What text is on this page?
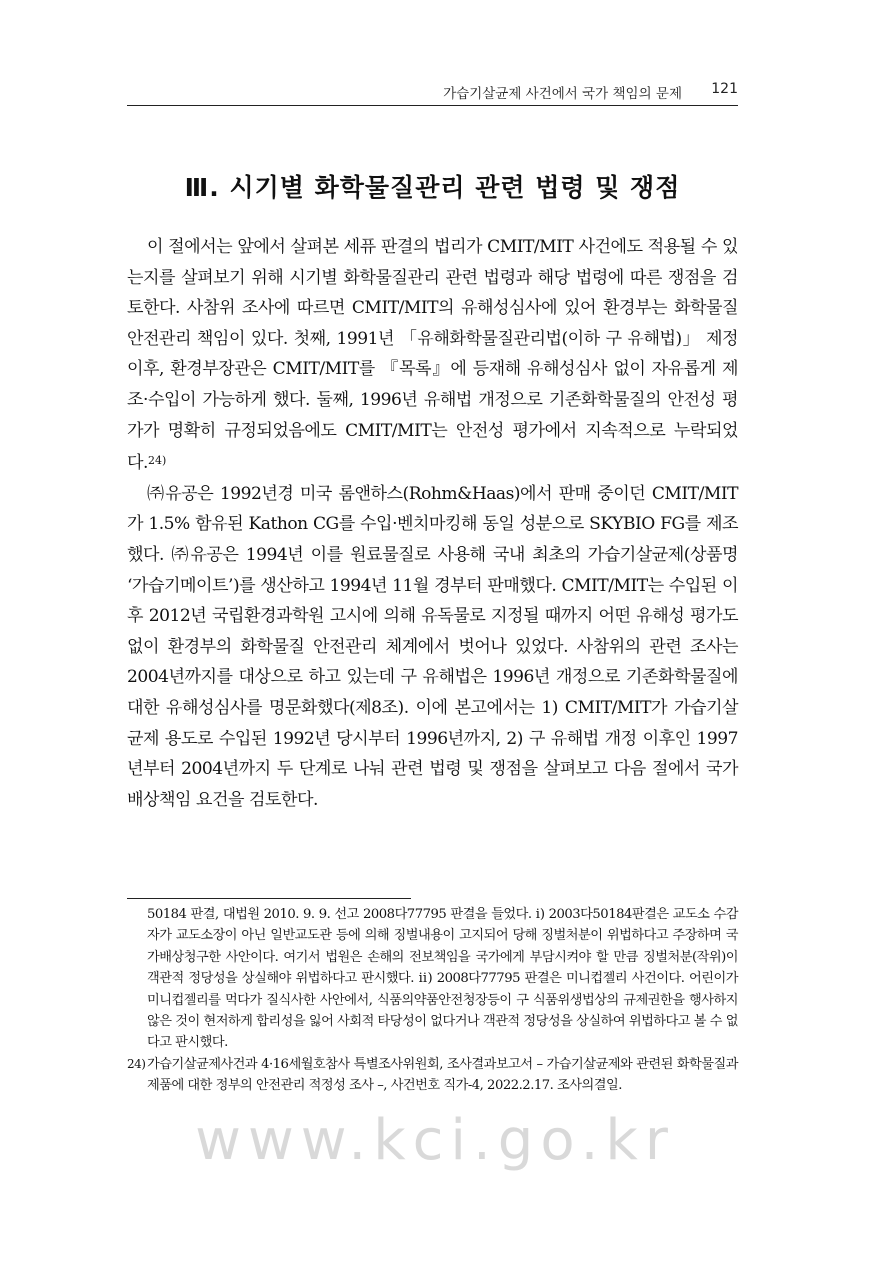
가습기살균제 사건에서 국가 책임의 문제 121
Ⅲ. 시기별 화학물질관리 관련 법령 및 쟁점

이 절에서는 앞에서 살펴본 세퓨 판결의 법리가 CMIT/MIT 사건에도 적용될 수 있는지를 살펴보기 위해 시기별 화학물질관리 관련 법령과 해당 법령에 따른 쟁점을 검토한다. 사참위 조사에 따르면 CMIT/MIT의 유해성심사에 있어 환경부는 화학물질 안전관리 책임이 있다. 첫째, 1991년 「유해화학물질관리법(이하 구 유해법)」 제정 이후, 환경부장관은 CMIT/MIT를 『목록』에 등재해 유해성심사 없이 자유롭게 제조·수입이 가능하게 했다. 둘째, 1996년 유해법 개정으로 기존화학물질의 안전성 평가가 명확히 규정되었음에도 CMIT/MIT는 안전성 평가에서 지속적으로 누락되었다.$^{24)}$

㈜유공은 1992년경 미국 롬앤하스(Rohm&Haas)에서 판매 중이던 CMIT/MIT가 1.5% 함유된 Kathon CG를 수입·벤치마킹해 동일 성분으로 SKYBIO FG를 제조했다. ㈜유공은 1994년 이를 원료물질로 사용해 국내 최초의 가습기살균제(상품명 ‘가습기메이트’)를 생산하고 1994년 11월 경부터 판매했다. CMIT/MIT는 수입된 이후 2012년 국립환경과학원 고시에 의해 유독물로 지정될 때까지 어떤 유해성 평가도 없이 환경부의 화학물질 안전관리 체계에서 벗어나 있었다. 사참위의 관련 조사는 2004년까지를 대상으로 하고 있는데 구 유해법은 1996년 개정으로 기존화학물질에 대한 유해성심사를 명문화했다(제8조). 이에 본고에서는 1) CMIT/MIT가 가습기살균제 용도로 수입된 1992년 당시부터 1996년까지, 2) 구 유해법 개정 이후인 1997년부터 2004년까지 두 단계로 나눠 관련 법령 및 쟁점을 살펴보고 다음 절에서 국가배상책임 요건을 검토한다.

50184 판결, 대법원 2010. 9. 9. 선고 2008다77795 판결을 들었다. ⅰ) 2003다50184판결은 교도소 수감자가 교도소장이 아닌 일반교도관 등에 의해 징벌내용이 고지되어 당해 징벌처분이 위법하다고 주장하며 국가배상청구한 사안이다. 여기서 법원은 손해의 전보책임을 국가에게 부담시켜야 할 만큼 징벌처분(작위)이 객관적 정당성을 상실해야 위법하다고 판시했다. ⅱ) 2008다77795 판결은 미니컵젤리 사건이다. 어린이가 미니컵젤리를 먹다가 질식사한 사안에서, 식품의약품안전청장등이 구 식품위생법상의 규제권한을 행사하지 않은 것이 현저하게 합리성을 잃어 사회적 타당성이 없다거나 객관적 정당성을 상실하여 위법하다고 볼 수 없다고 판시했다.

24) 가습기살균제사건과 4·16세월호참사 특별조사위원회, 조사결과보고서 – 가습기살균제와 관련된 화학물질과 제품에 대한 정부의 안전관리 적정성 조사 –, 사건번호 직가-4, 2022.2.17. 조사의결일.

www.kci.go.kr
